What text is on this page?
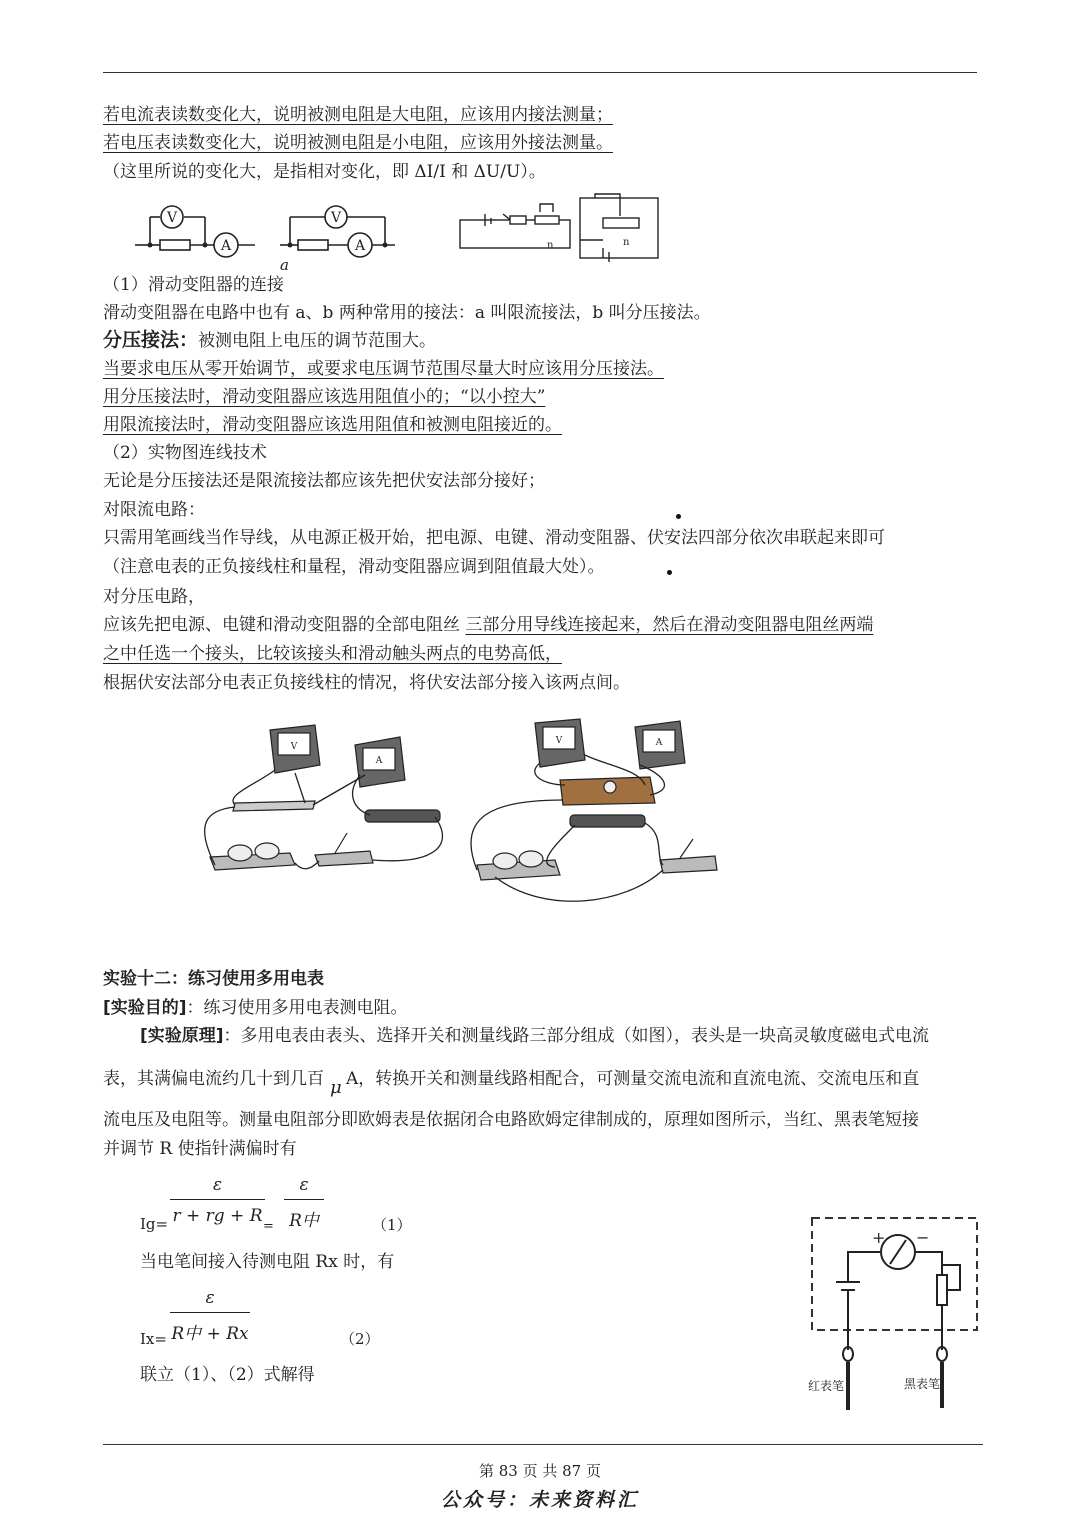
若电流表读数变化大，说明被测电阻是大电阻，应该用内接法测量；
若电压表读数变化大，说明被测电阻是小电阻，应该用外接法测量。
（这里所说的变化大，是指相对变化，即 ΔI/I 和 ΔU/U）。
V
A
V
A
a
n	n
（1）滑动变阻器的连接
滑动变阻器在电路中也有 a、b 两种常用的接法：a 叫限流接法，b 叫分压接法。
分压接法：被测电阻上电压的调节范围大。
当要求电压从零开始调节，或要求电压调节范围尽量大时应该用分压接法。
用分压接法时，滑动变阻器应该选用阻值小的；“以小控大”
用限流接法时，滑动变阻器应该选用阻值和被测电阻接近的。
（2）实物图连线技术
无论是分压接法还是限流接法都应该先把伏安法部分接好；
对限流电路：
只需用笔画线当作导线，从电源正极开始，把电源、电键、滑动变阻器、伏安法四部分依次串联起来即可
（注意电表的正负接线柱和量程，滑动变阻器应调到阻值最大处）。
对分压电路，
应该先把电源、电键和滑动变阻器的全部电阻丝 三部分用导线连接起来，然后在滑动变阻器电阻丝两端
之中任选一个接头，比较该接头和滑动触头两点的电势高低，
根据伏安法部分电表正负接线柱的情况，将伏安法部分接入该两点间。
V
A
V	A
实验十二：练习使用多用电表
[实验目的]：练习使用多用电表测电阻。
[实验原理]：多用电表由表头、选择开关和测量线路三部分组成（如图），表头是一块高灵敏度磁电式电流
表，其满偏电流约几十到几百 μ A，转换开关和测量线路相配合，可测量交流电流和直流电流、交流电压和直
流电压及电阻等。测量电阻部分即欧姆表是依据闭合电路欧姆定律制成的，原理如图所示，当红、黑表笔短接
并调节 R 使指针满偏时有
$Ig= \frac{\varepsilon}{r + rg + R}$
=
ε
R中	（1）
当电笔间接入待测电阻 Rx 时，有
Ix=
ε
R中 + Rx	（2）
联立（1）、（2）式解得
+ −
红表笔	黑表笔
第 83 页 共 87 页
公众号：未来资料汇
